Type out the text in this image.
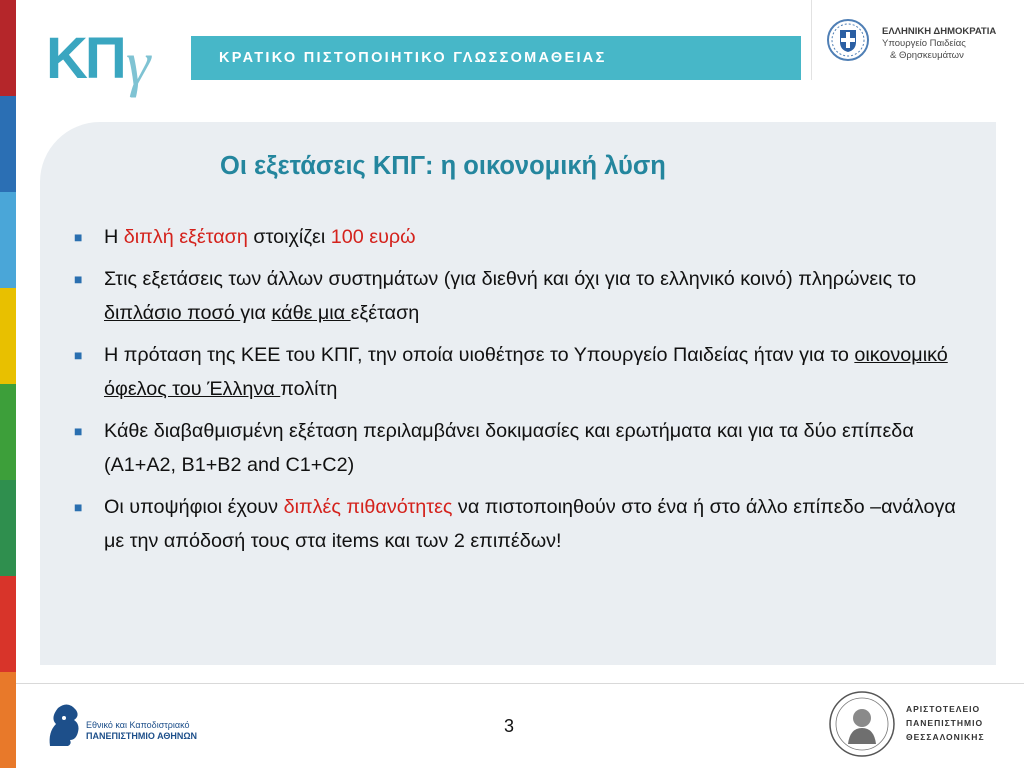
ΚΠ γ	ΚΡΑΤΙΚΟ ΠΙΣΤΟΠΟΙΗΤΙΚΟ ΓΛΩΣΣΟΜΑΘΕΙΑΣ
ΕΛΛΗΝΙΚΗ ΔΗΜΟΚΡΑΤΙΑ
Υπουργείο Παιδείας
& Θρησκευμάτων
Οι εξετάσεις ΚΠΓ: η οικονομική λύση
■ Η διπλή εξέταση στοιχίζει 100 ευρώ
■ Στις εξετάσεις των άλλων συστημάτων (για διεθνή και όχι για το ελληνικό κοινό) πληρώνεις το διπλάσιο ποσό για κάθε μια εξέταση
■ Η πρόταση της ΚΕΕ του ΚΠΓ, την οποία υιοθέτησε το Υπουργείο Παιδείας ήταν για το οικονομικό όφελος του Έλληνα πολίτη
■ Κάθε διαβαθμισμένη εξέταση περιλαμβάνει δοκιμασίες και ερωτήματα και για τα δύο επίπεδα (Α1+Α2, Β1+Β2 and C1+C2)
■ Οι υποψήφιοι έχουν διπλές πιθανότητες να πιστοποιηθούν στο ένα ή στο άλλο επίπεδο –ανάλογα με την απόδοσή τους στα items και των 2 επιπέδων!
Εθνικό και Καποδιστριακό
ΠΑΝΕΠΙΣΤΗΜΙΟ ΑΘΗΝΩΝ	3
ΑΡΙΣΤΟΤΕΛΕΙΟ
ΠΑΝΕΠΙΣΤΗΜΙΟ
ΘΕΣΣΑΛΟΝΙΚΗΣ
